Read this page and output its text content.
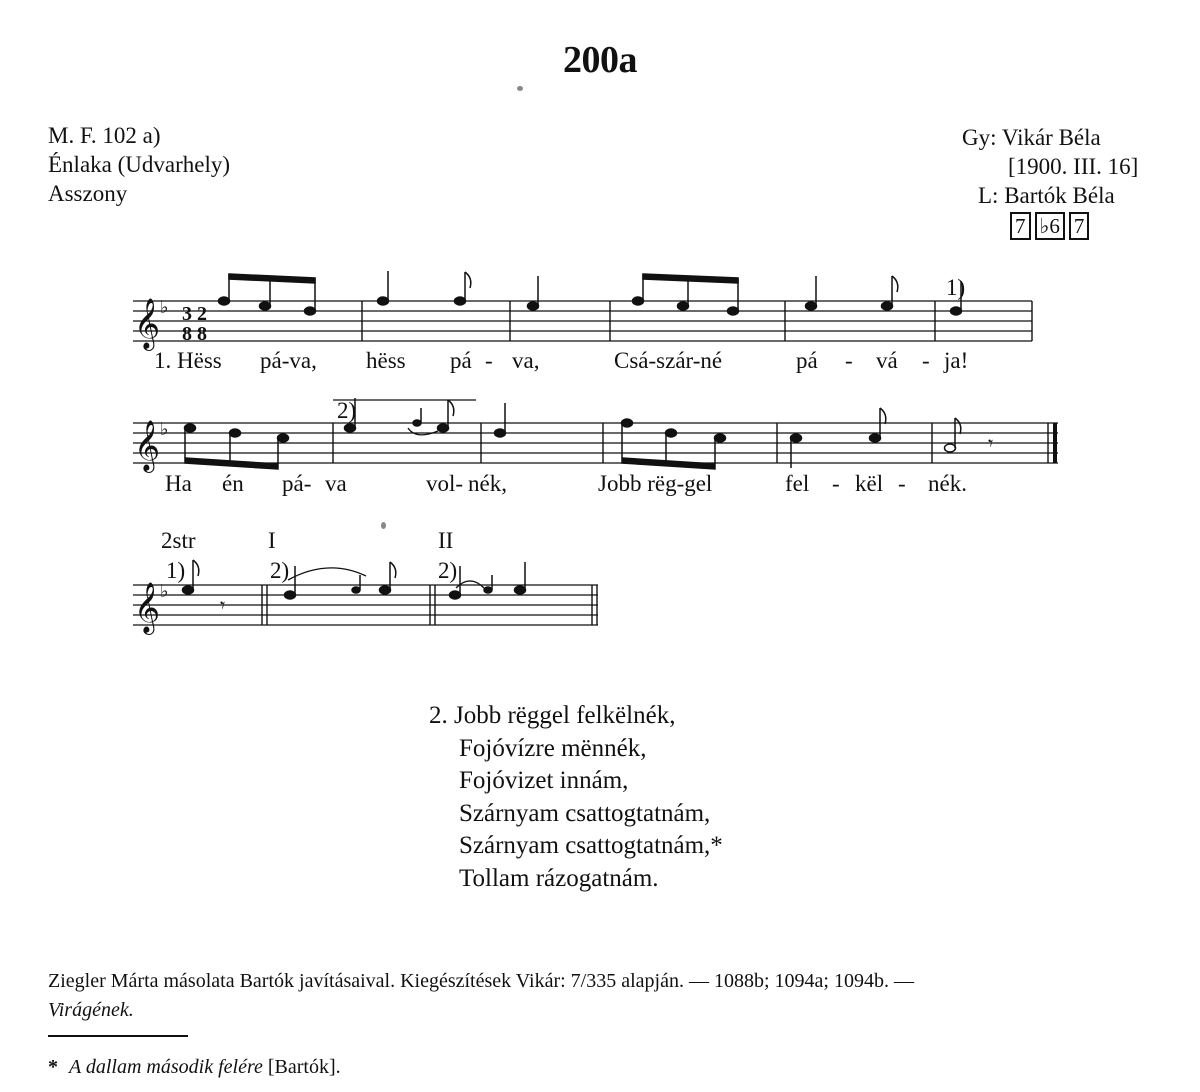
200a
M. F. 102 a)
Énlaka (Udvarhely)
Asszony
Gy: Vikár Béla
[1900. III. 16]
L: Bartók Béla
7 ♭6 7
𝄞
𝄞
𝄞
♭
♭
♭
3 2
8 8
1)
𝄾
2)
𝄾
1)	2)	2)
1. Hëss pá-va, hëss pá - va,	Csá-szár-né	pá - vá - ja!
Ha én pá- va	vol- nék,	Jobb rëg-gel	fel - kël - nék.
2str	I	II
2. Jobb rëggel felkëlnék,
Fojóvízre mënnék,
Fojóvizet innám,
Szárnyam csattogtatnám,
Szárnyam csattogtatnám,*
Tollam rázogatnám.
Ziegler Márta másolata Bartók javításaival. Kiegészítések Vikár: 7/335 alapján. — 1088b; 1094a; 1094b. —
Virágének.
* A dallam második felére [Bartók].
